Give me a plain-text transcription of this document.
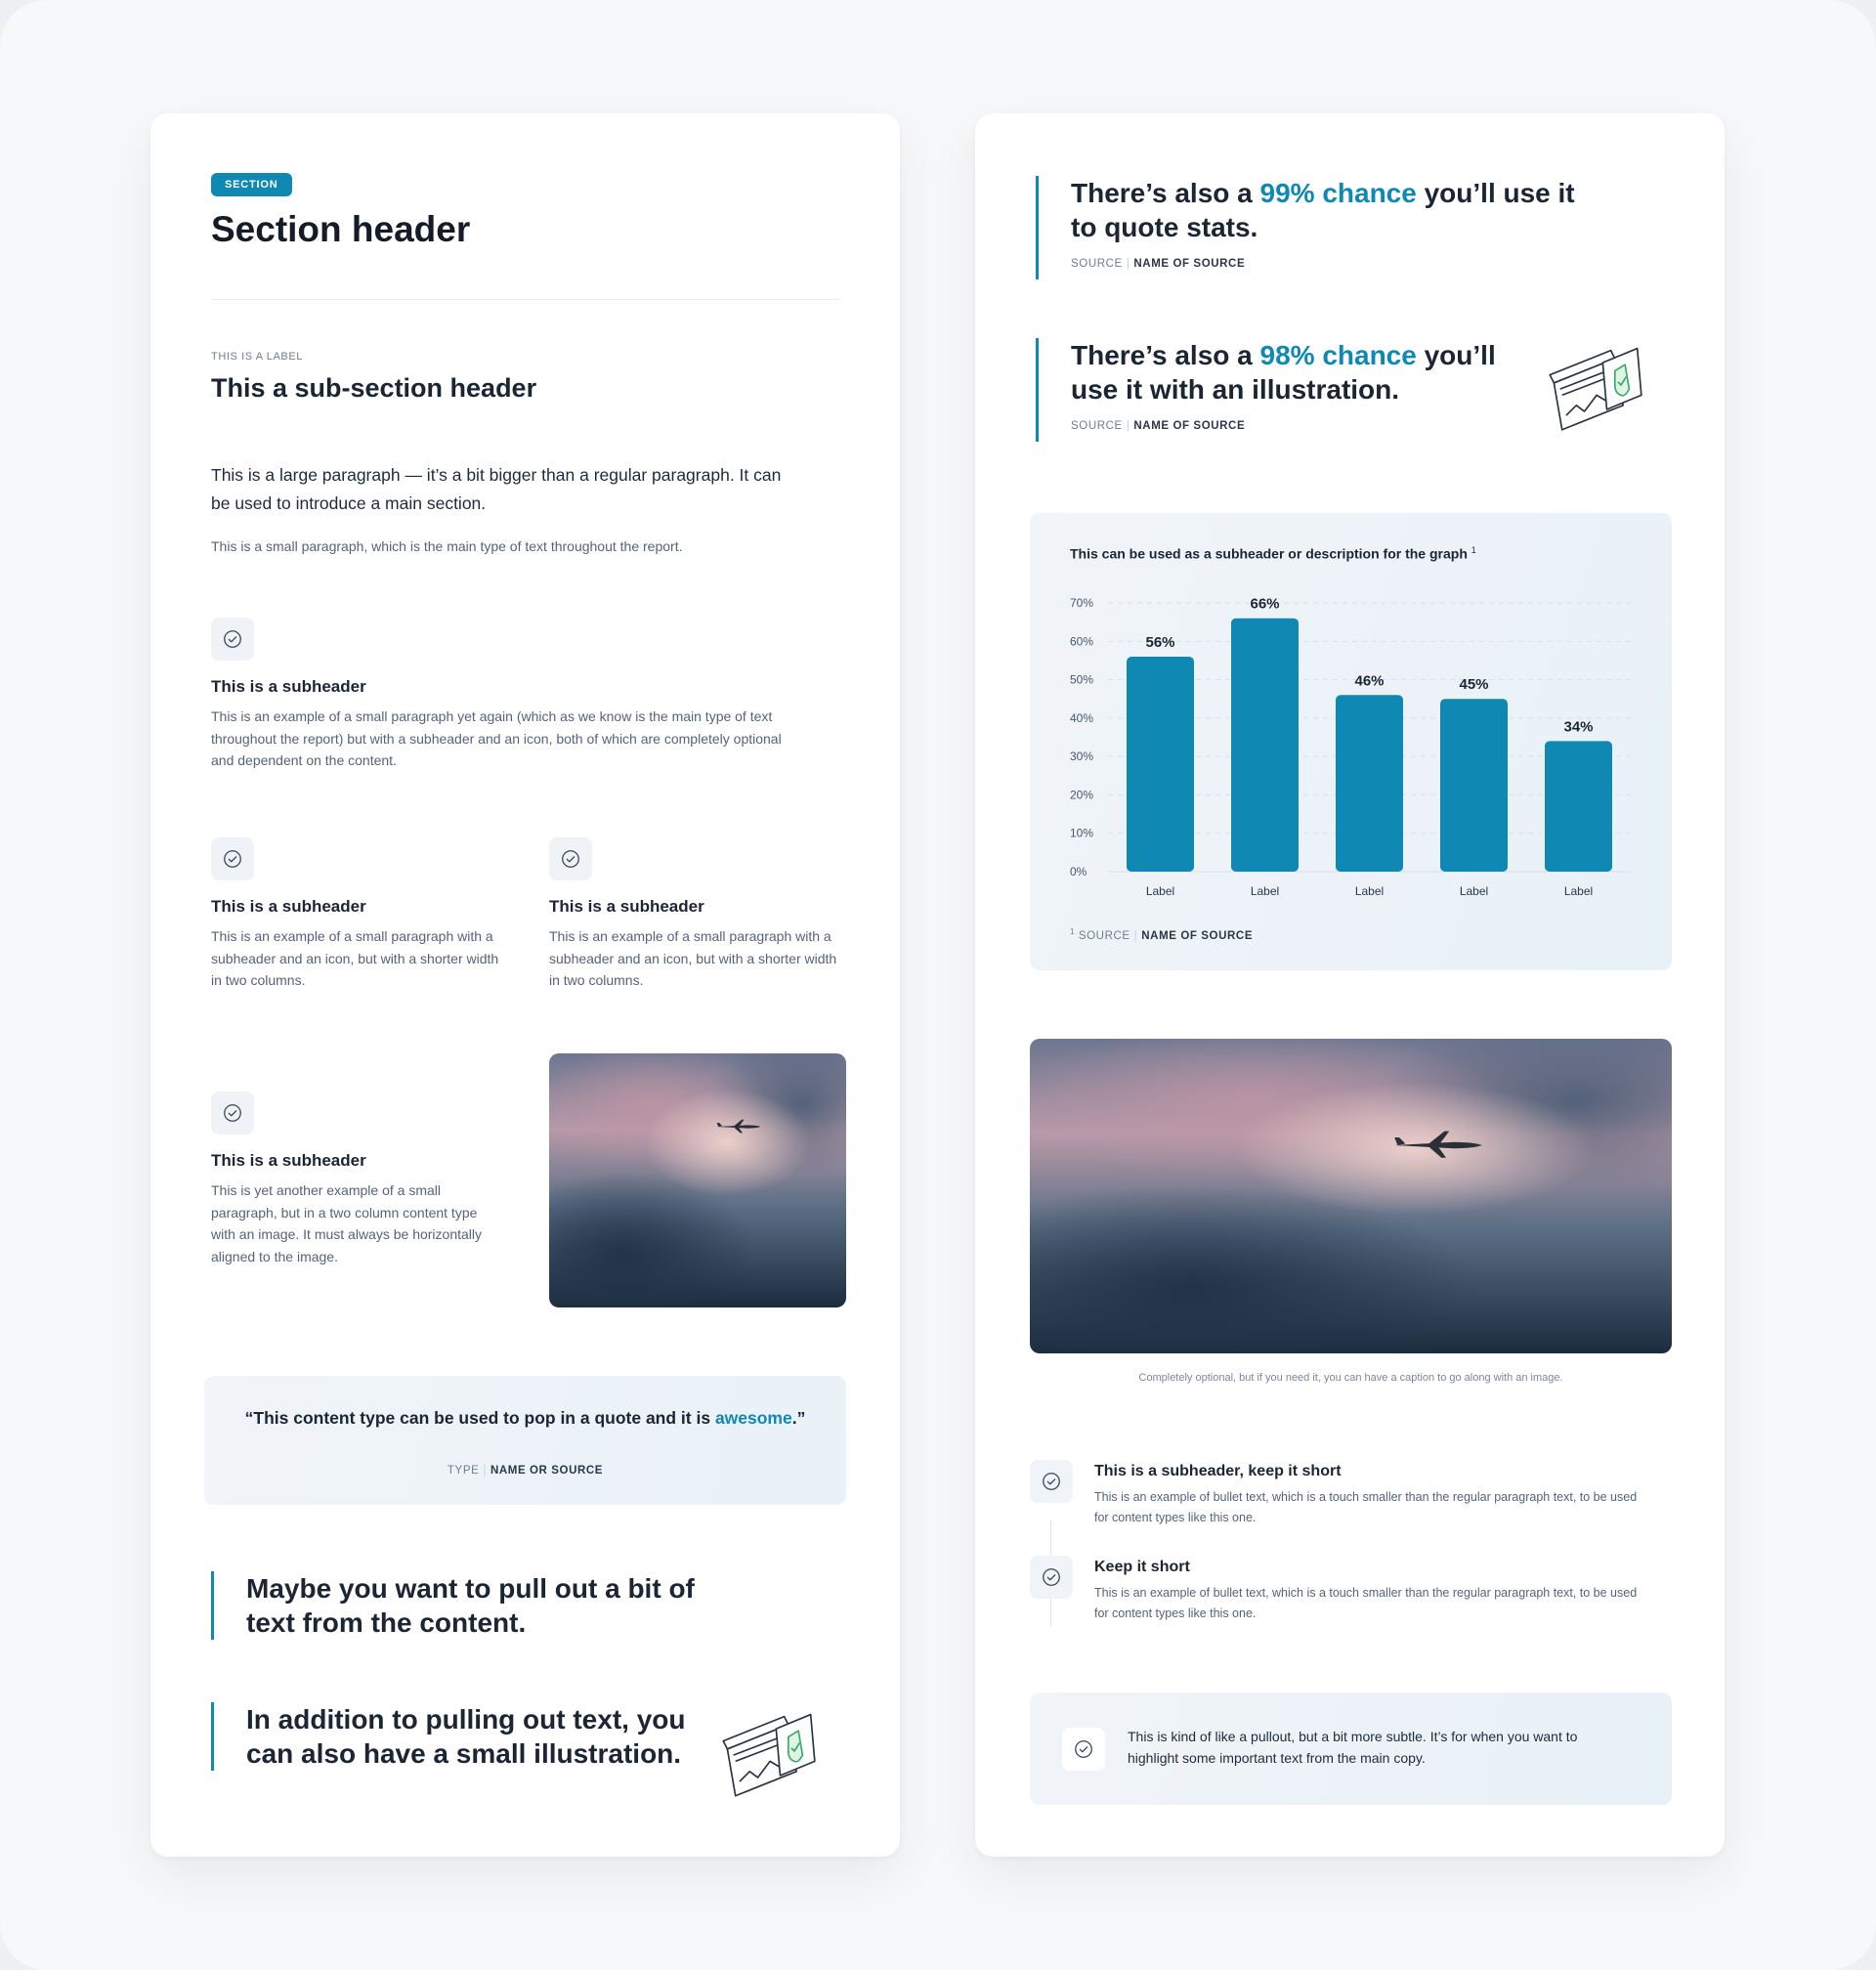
SECTION
Section header
THIS IS A LABEL
This a sub-section header
This is a large paragraph — it’s a bit bigger than a regular paragraph. It can be used to introduce a main section.
This is a small paragraph, which is the main type of text throughout the report.
This is a subheader
This is an example of a small paragraph yet again (which as we know is the main type of text throughout the report) but with a subheader and an icon, both of which are completely optional and dependent on the content.
This is a subheader
This is an example of a small paragraph with a subheader and an icon, but with a shorter width in two columns.
This is a subheader
This is an example of a small paragraph with a subheader and an icon, but with a shorter width in two columns.
This is a subheader
This is yet another example of a small paragraph, but in a two column content type with an image. It must always be horizontally aligned to the image.
“This content type can be used to pop in a quote and it is awesome.”
TYPE | NAME OR SOURCE
Maybe you want to pull out a bit of text from the content.
In addition to pulling out text, you can also have a small illustration.
There’s also a 99% chance you’ll use it to quote stats.
SOURCE | NAME OF SOURCE
There’s also a 98% chance you’ll use it with an illustration.
SOURCE | NAME OF SOURCE
This can be used as a subheader or description for the graph $^1$
0%
10%
20%
30%
40%
50%
60%
70%
56%
Label
66%
Label
46%
Label
45%
Label
34%
Label
$^1$ SOURCE | NAME OF SOURCE
Completely optional, but if you need it, you can have a caption to go along with an image.
This is a subheader, keep it short
This is an example of bullet text, which is a touch smaller than the regular paragraph text, to be used for content types like this one.
Keep it short
This is an example of bullet text, which is a touch smaller than the regular paragraph text, to be used for content types like this one.
This is kind of like a pullout, but a bit more subtle. It’s for when you want to highlight some important text from the main copy.
